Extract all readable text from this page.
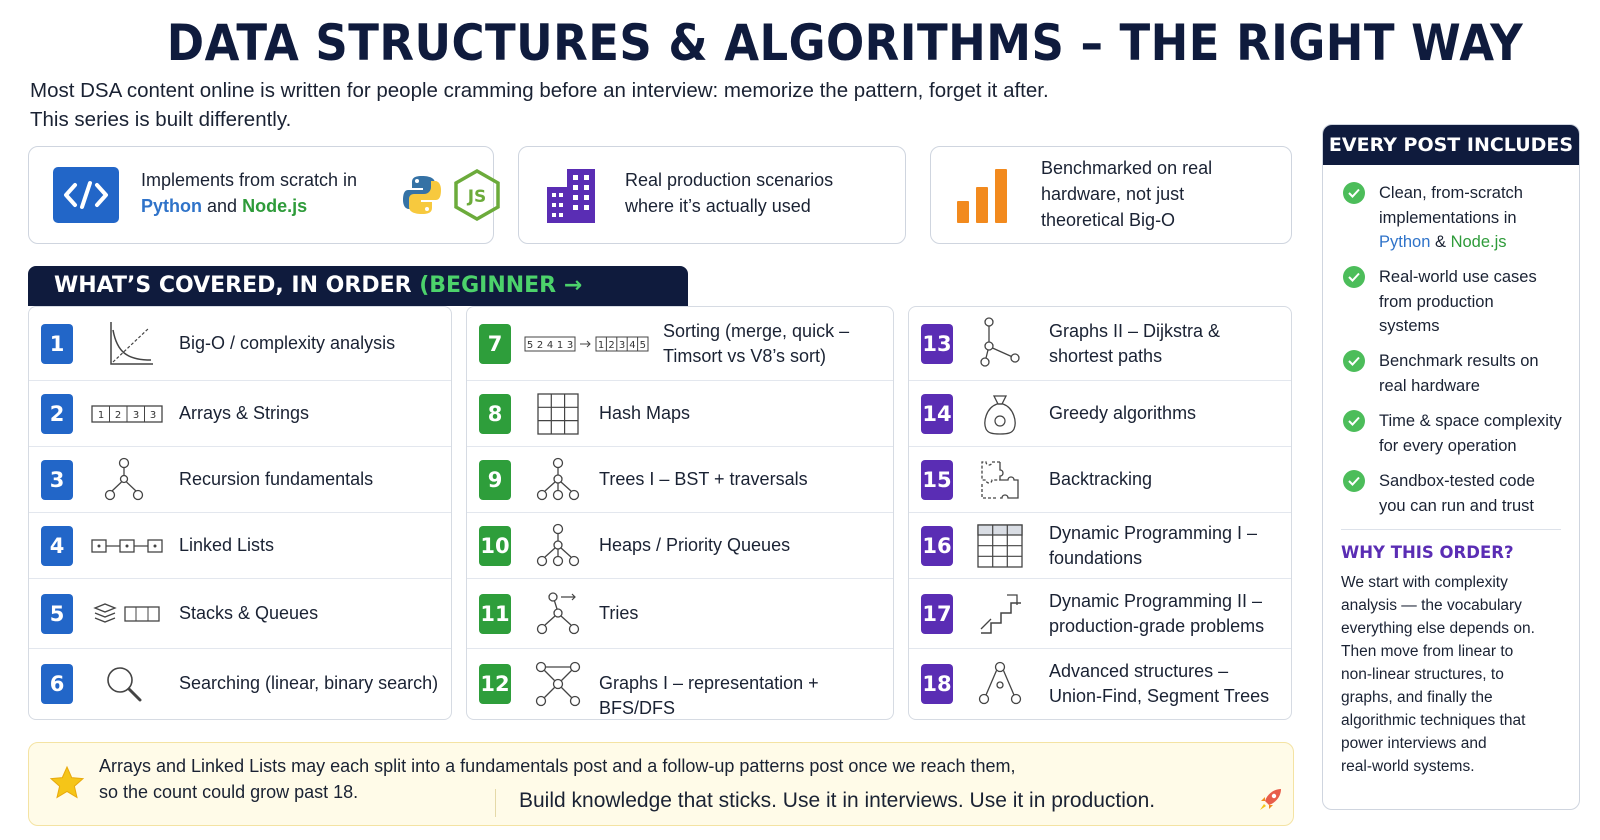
DATA STRUCTURES & ALGORITHMS – THE RIGHT WAY
Most DSA content online is written for people cramming before an interview: memorize the pattern, forget it after.
This series is built differently.
Implements from scratch in
Python and Node.js	JS
Real production scenarios
where it’s actually used
Benchmarked on real
hardware, not just
theoretical Big-O
WHAT’S COVERED, IN ORDER (BEGINNER →
1	Big-O / complexity analysis
2	1 2 3 3 Arrays & Strings
3	Recursion fundamentals
4	Linked Lists
5	Stacks & Queues
6	Searching (linear, binary search)
7	5 2 4 1 3 1 2 3 4 5
Sorting (merge, quick –
Timsort vs V8’s sort)
8	Hash Maps
9	Trees I – BST + traversals
10	Heaps / Priority Queues
11	Tries
12	Graphs I – representation + BFS/DFS
13
Graphs II – Dijkstra &
shortest paths
14	Greedy algorithms
15	Backtracking
16
Dynamic Programming I –
foundations
17
Dynamic Programming II –
production-grade problems
18
Advanced structures –
Union-Find, Segment Trees
EVERY POST INCLUDES
Clean, from-scratch
implementations in
Python & Node.js
Real-world use cases
from production
systems
Benchmark results on
real hardware
Time & space complexity
for every operation
Sandbox-tested code
you can run and trust
WHY THIS ORDER?
We start with complexity
analysis — the vocabulary
everything else depends on.
Then move from linear to
non-linear structures, to
graphs, and finally the
algorithmic techniques that
power interviews and
real-world systems.
Arrays and Linked Lists may each split into a fundamentals post and a follow-up patterns post once we reach them,
so the count could grow past 18.	Build knowledge that sticks. Use it in interviews. Use it in production.
